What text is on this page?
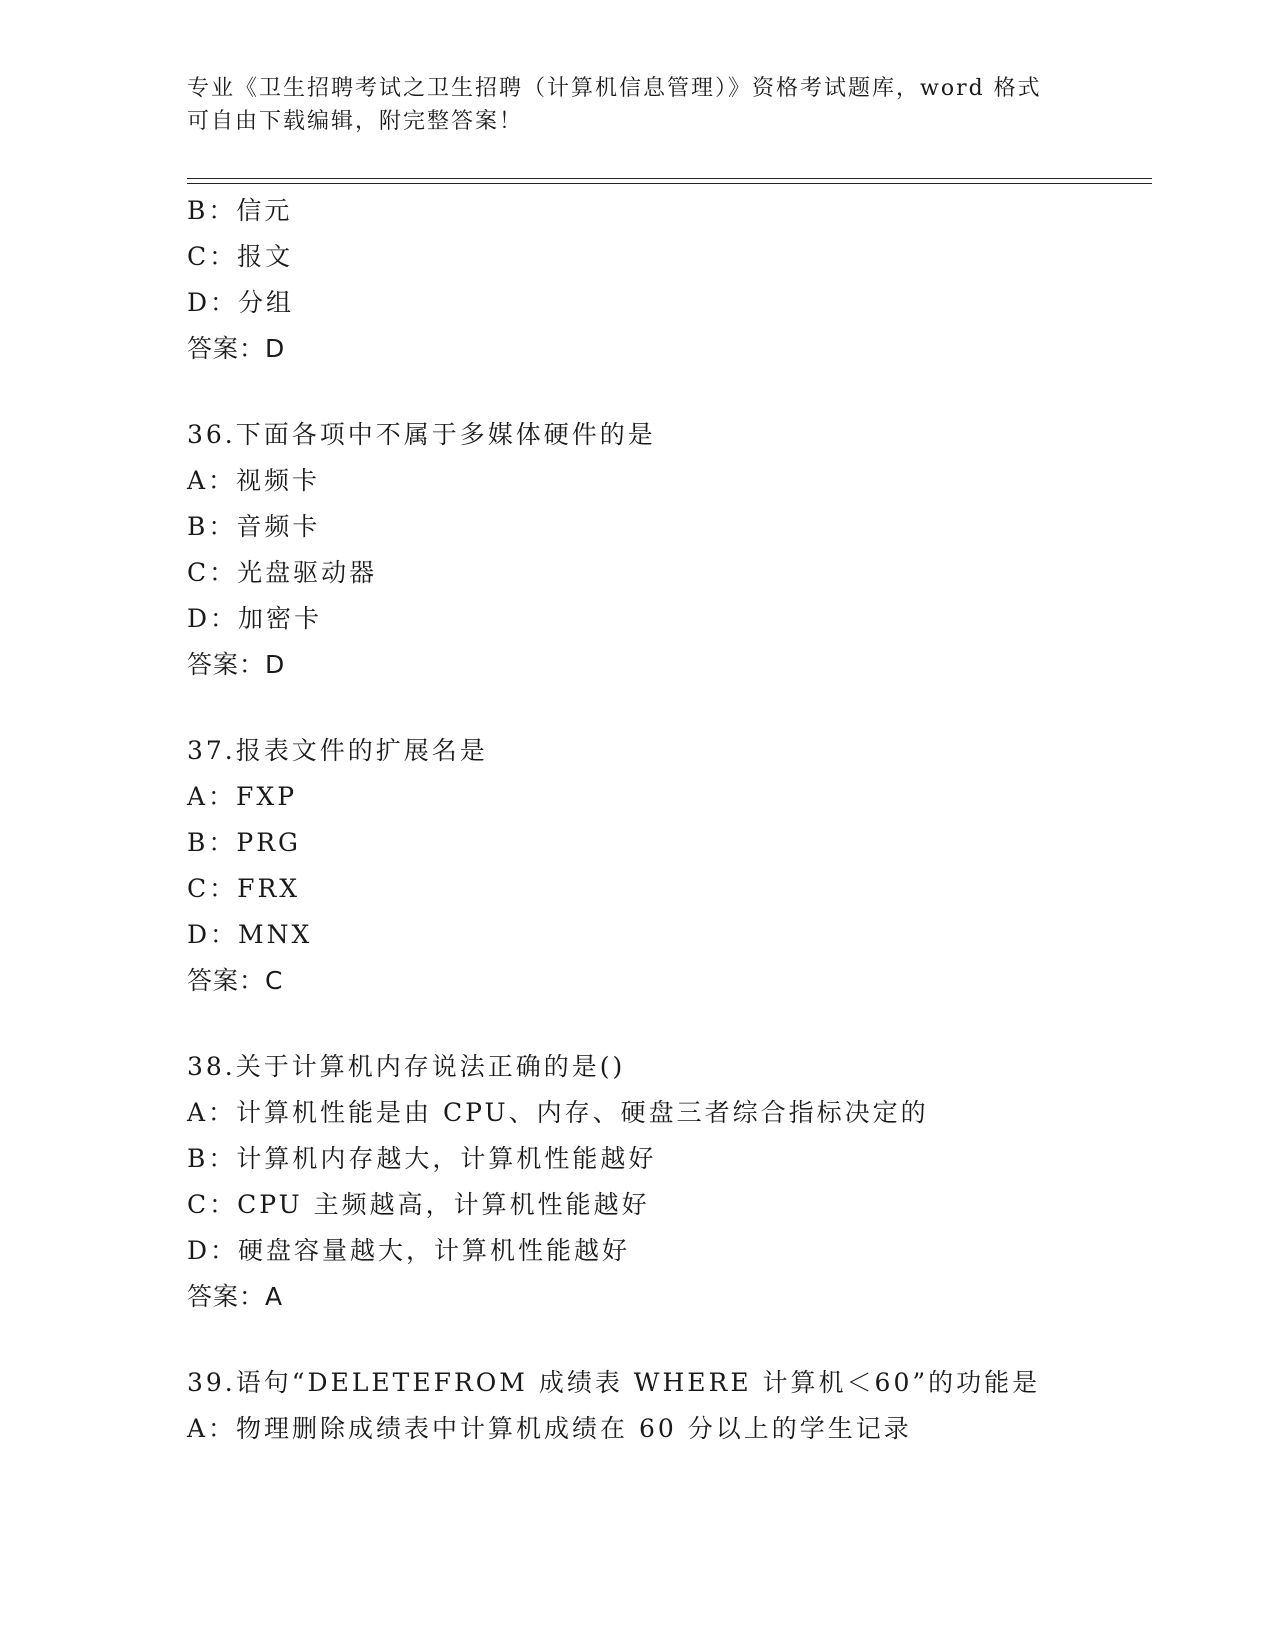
专业《卫生招聘考试之卫生招聘（计算机信息管理）》资格考试题库，word 格式
可自由下载编辑，附完整答案！
B：信元
C：报文
D：分组
答案：D
36.下面各项中不属于多媒体硬件的是
A：视频卡
B：音频卡
C：光盘驱动器
D：加密卡
答案：D
37.报表文件的扩展名是
A：FXP
B：PRG
C：FRX
D：MNX
答案：C
38.关于计算机内存说法正确的是()
A：计算机性能是由 CPU、内存、硬盘三者综合指标决定的
B：计算机内存越大，计算机性能越好
C：CPU 主频越高，计算机性能越好
D：硬盘容量越大，计算机性能越好
答案：A
39.语句“DELETEFROM 成绩表 WHERE 计算机＜60”的功能是
A：物理删除成绩表中计算机成绩在 60 分以上的学生记录
